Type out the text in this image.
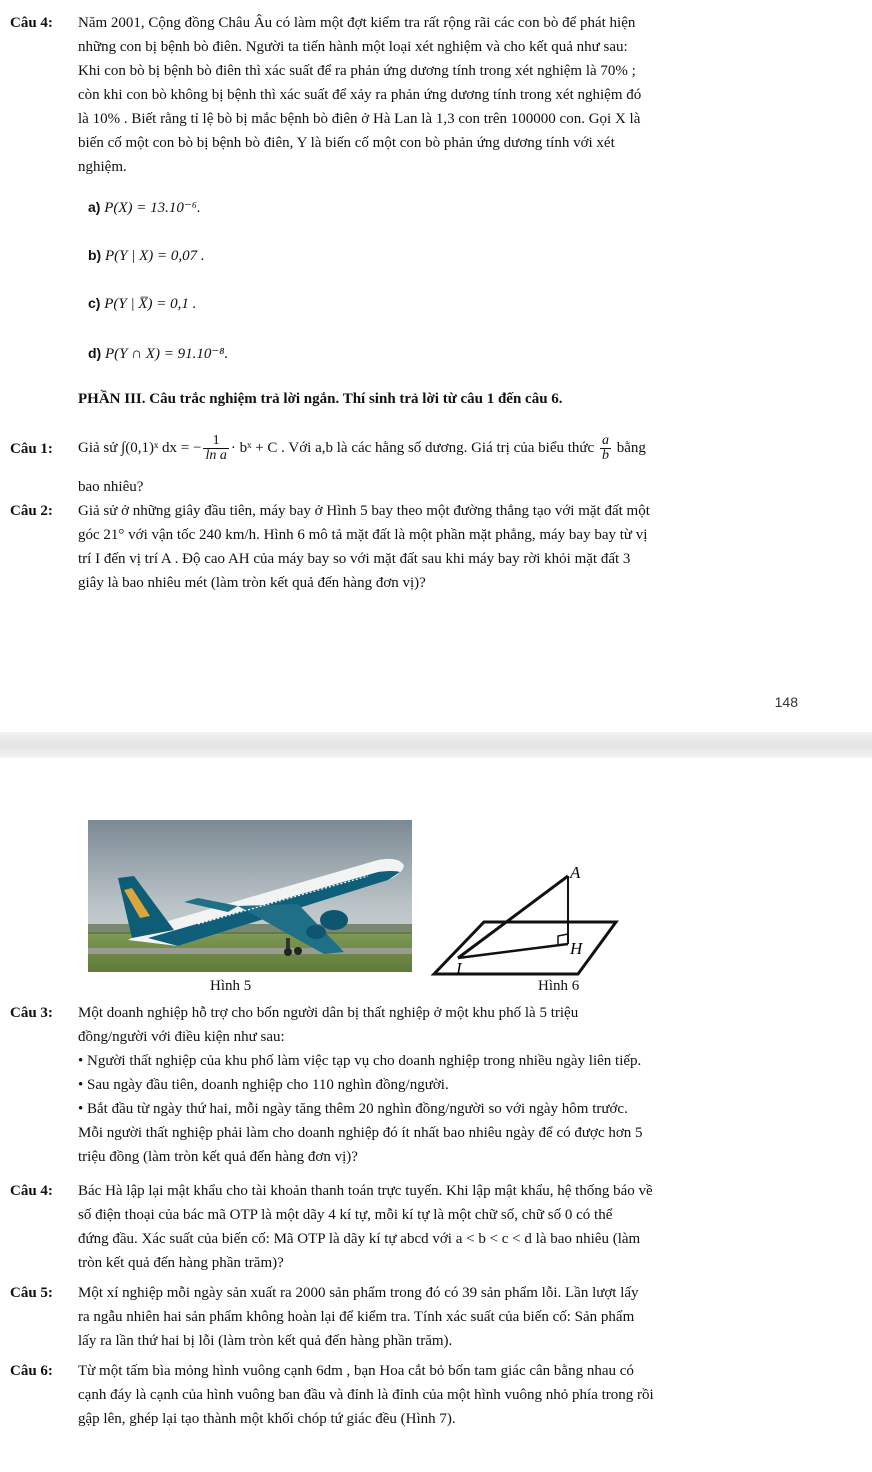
Câu 4: Năm 2001, Cộng đồng Châu Âu có làm một đợt kiểm tra rất rộng rãi các con bò để phát hiện
những con bị bệnh bò điên. Người ta tiến hành một loại xét nghiệm và cho kết quả như sau:
Khi con bò bị bệnh bò điên thì xác suất để ra phản ứng dương tính trong xét nghiệm là 70% ;
còn khi con bò không bị bệnh thì xác suất để xảy ra phản ứng dương tính trong xét nghiệm đó
là 10% . Biết rằng tỉ lệ bò bị mắc bệnh bò điên ở Hà Lan là 1,3 con trên 100000 con. Gọi X là
biến cố một con bò bị bệnh bò điên, Y là biến cố một con bò phản ứng dương tính với xét
nghiệm.
a) P(X) = 13.10⁻⁶.
b) P(Y | X) = 0,07 .
c) P(Y | X̅) = 0,1 .
d) P(Y ∩ X) = 91.10⁻⁸.
PHẦN III. Câu trắc nghiệm trả lời ngắn. Thí sinh trả lời từ câu 1 đến câu 6.
Câu 1: Giả sử ∫(0,1)ˣ dx = − $\frac{1}{\text{ln a}}$ · bˣ + C . Với a,b là các hằng số dương. Giá trị của biểu thức $\frac{a}{b}$ bằng
bao nhiêu?
Câu 2: Giả sử ở những giây đầu tiên, máy bay ở Hình 5 bay theo một đường thẳng tạo với mặt đất một
góc 21° với vận tốc 240 km/h. Hình 6 mô tả mặt đất là một phần mặt phẳng, máy bay bay từ vị
trí I đến vị trí A . Độ cao AH của máy bay so với mặt đất sau khi máy bay rời khỏi mặt đất 3
giây là bao nhiêu mét (làm tròn kết quả đến hàng đơn vị)?
148
Hình 5
A
H
I
Hình 6
Câu 3: Một doanh nghiệp hỗ trợ cho bốn người dân bị thất nghiệp ở một khu phố là 5 triệu
đồng/người với điều kiện như sau:
• Người thất nghiệp của khu phố làm việc tạp vụ cho doanh nghiệp trong nhiều ngày liên tiếp.
• Sau ngày đầu tiên, doanh nghiệp cho 110 nghìn đồng/người.
• Bắt đầu từ ngày thứ hai, mỗi ngày tăng thêm 20 nghìn đồng/người so với ngày hôm trước.
Mỗi người thất nghiệp phải làm cho doanh nghiệp đó ít nhất bao nhiêu ngày để có được hơn 5
triệu đồng (làm tròn kết quả đến hàng đơn vị)?
Câu 4: Bác Hà lập lại mật khẩu cho tài khoản thanh toán trực tuyến. Khi lập mật khẩu, hệ thống báo về
số điện thoại của bác mã OTP là một dãy 4 kí tự, mỗi kí tự là một chữ số, chữ số 0 có thể
đứng đầu. Xác suất của biến cố: Mã OTP là dãy kí tự abcd với a < b < c < d là bao nhiêu (làm
tròn kết quả đến hàng phần trăm)?
Câu 5: Một xí nghiệp mỗi ngày sản xuất ra 2000 sản phẩm trong đó có 39 sản phẩm lỗi. Lần lượt lấy
ra ngẫu nhiên hai sản phẩm không hoàn lại để kiểm tra. Tính xác suất của biến cố: Sản phẩm
lấy ra lần thứ hai bị lỗi (làm tròn kết quả đến hàng phần trăm).
Câu 6: Từ một tấm bìa mỏng hình vuông cạnh 6dm , bạn Hoa cắt bỏ bốn tam giác cân bằng nhau có
cạnh đáy là cạnh của hình vuông ban đầu và đỉnh là đỉnh của một hình vuông nhỏ phía trong rồi
gập lên, ghép lại tạo thành một khối chóp tứ giác đều (Hình 7).
